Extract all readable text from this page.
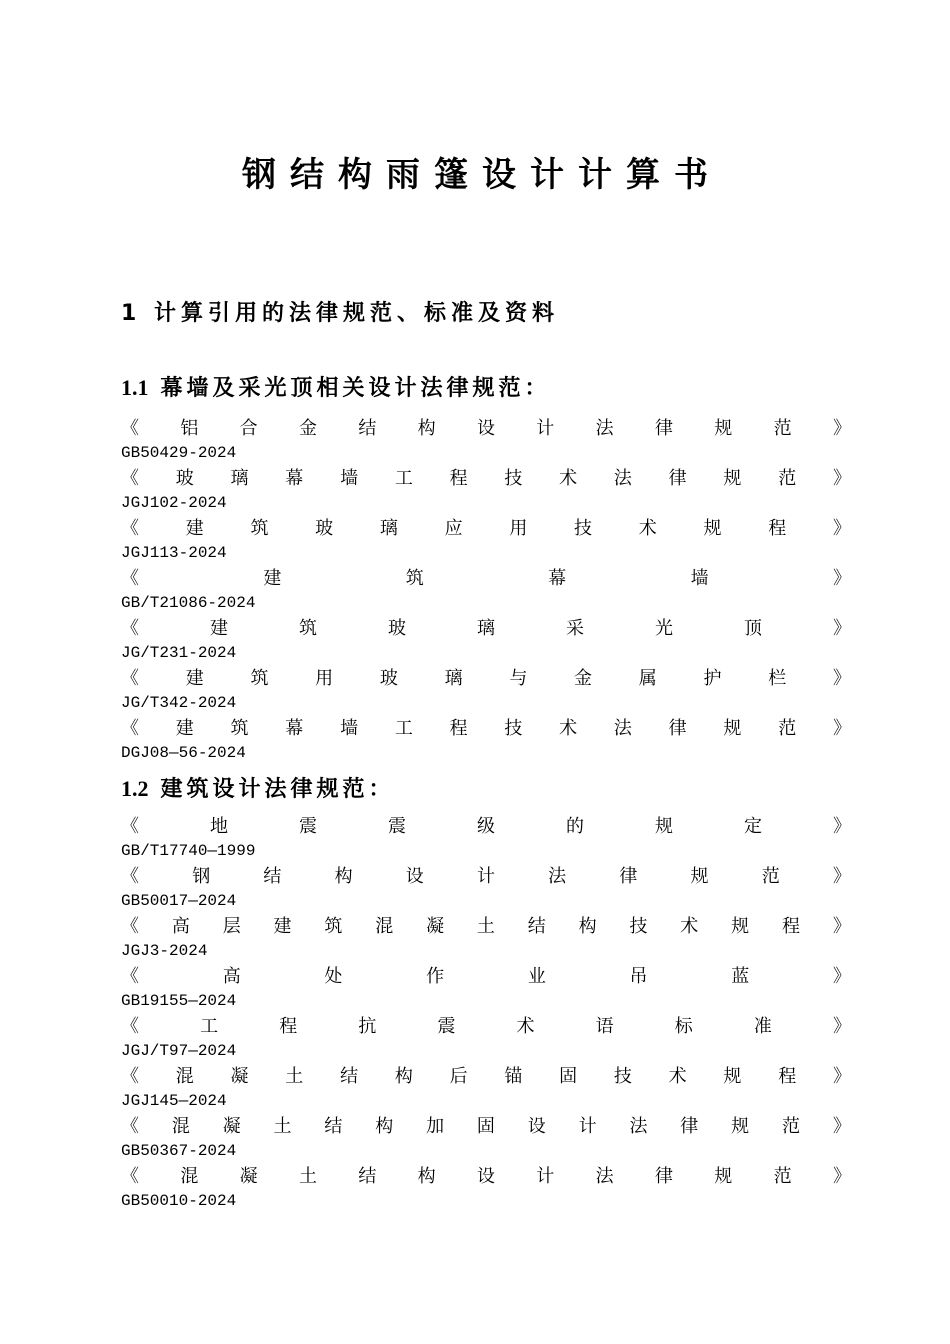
钢结构雨篷设计计算书
1 计算引用的法律规范、标准及资料
1.1 幕墙及采光顶相关设计法律规范：
《 铝 合 金 结 构 设 计 法 律 规 范 》
GB50429-2024
《 玻 璃 幕 墙 工 程 技 术 法 律 规 范 》
JGJ102-2024
《	建	筑	玻	璃	应	用	技	术	规	程	》
JGJ113-2024
《	建	筑	幕	墙	》
GB/T21086-2024
《	建	筑	玻	璃	采	光	顶	》
JG/T231-2024
《	建	筑	用	玻	璃	与	金	属	护	栏	》
JG/T342-2024
《 建 筑 幕 墙 工 程 技 术 法 律 规 范 》
DGJ08—56-2024
1.2 建筑设计法律规范：
《	地	震	震	级	的	规	定	》
GB/T17740—1999
《	钢	结	构	设	计	法	律	规	范	》
GB50017—2024
《 高 层 建 筑 混 凝 土 结 构 技 术 规 程 》
JGJ3-2024
《	高	处	作	业	吊	蓝	》
GB19155—2024
《	工	程	抗	震	术	语	标	准	》
JGJ/T97—2024
《 混 凝 土 结 构 后 锚 固 技 术 规 程 》
JGJ145—2024
《 混 凝 土 结 构 加 固 设 计 法 律 规 范 》
GB50367-2024
《 混 凝 土 结 构 设 计 法 律 规 范 》
GB50010-2024
